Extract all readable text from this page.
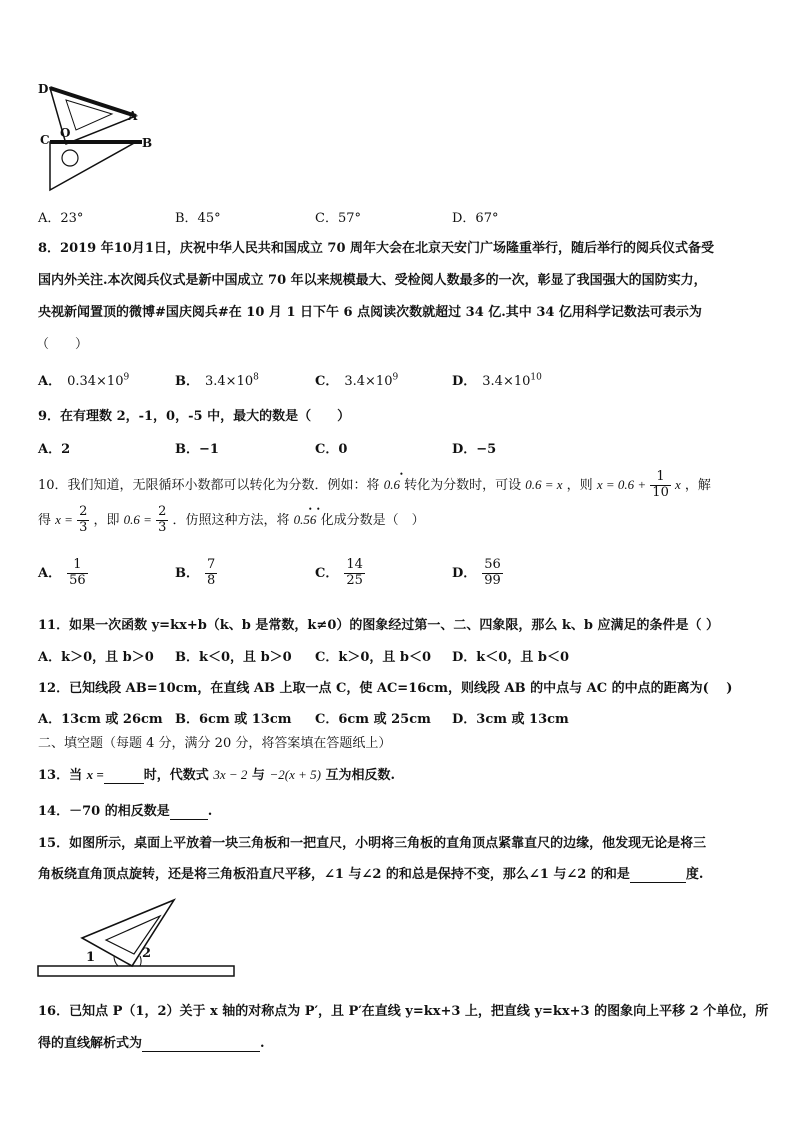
D
A
C O
B
A．23°	B．45°	C．57°	D．67°
8．2019 年10月1日，庆祝中华人民共和国成立 70 周年大会在北京天安门广场隆重举行，随后举行的阅兵仪式备受
国内外关注.本次阅兵仪式是新中国成立 70 年以来规模最大、受检阅人数最多的一次，彰显了我国强大的国防实力，
央视新闻置顶的微博#国庆阅兵#在 10 月 1 日下午 6 点阅读次数就超过 34 亿.其中 34 亿用科学记数法可表示为
（　　）
A． $0.34\times 10^9$	B． $3.4\times 10^8$	C． $3.4\times 10^9$	D． $3.4\times 10^{10}$
9．在有理数 2，-1，0，-5 中，最大的数是（　　）
A．2	B．−1	C．0	D．−5
10．我们知道，无限循环小数都可以转化为分数．例如：将 0.6
•
转化为分数时，可设 0.6 = x ，则 $x = 0.6 + \frac{1}{10}$ x ，解
得 $x = \frac{2}{3}$ ，即 $0.6 = \frac{2}{3}$ ．仿照这种方法，将 0.56
• •
化成分数是（　）
A． $\frac{1}{56}$	B． $\frac{7}{8}$	C． $\frac{14}{25}$	D． $\frac{56}{99}$
11．如果一次函数 y=kx+b（k、b 是常数，k≠0）的图象经过第一、二、四象限，那么 k、b 应满足的条件是（ ）
A．k＞0，且 b＞0 B．k＜0，且 b＞0 C．k＞0，且 b＜0 D．k＜0，且 b＜0
12．已知线段 AB=10cm，在直线 AB 上取一点 C，使 AC=16cm，则线段 AB 的中点与 AC 的中点的距离为(　 )
A．13cm 或 26cm B．6cm 或 13cm C．6cm 或 25cm D．3cm 或 13cm
二、填空题（每题 4 分，满分 20 分，将答案填在答题纸上）
13．当 x =	时，代数式 3x − 2 与 −2(x + 5) 互为相反数.
14．－70 的相反数是	.
15．如图所示，桌面上平放着一块三角板和一把直尺，小明将三角板的直角顶点紧靠直尺的边缘，他发现无论是将三
角板绕直角顶点旋转，还是将三角板沿直尺平移，∠1 与∠2 的和总是保持不变，那么∠1 与∠2 的和是	度.
1	2
16．已知点 P（1，2）关于 x 轴的对称点为 P′，且 P′在直线 y=kx+3 上，把直线 y=kx+3 的图象向上平移 2 个单位，所
得的直线解析式为	.
